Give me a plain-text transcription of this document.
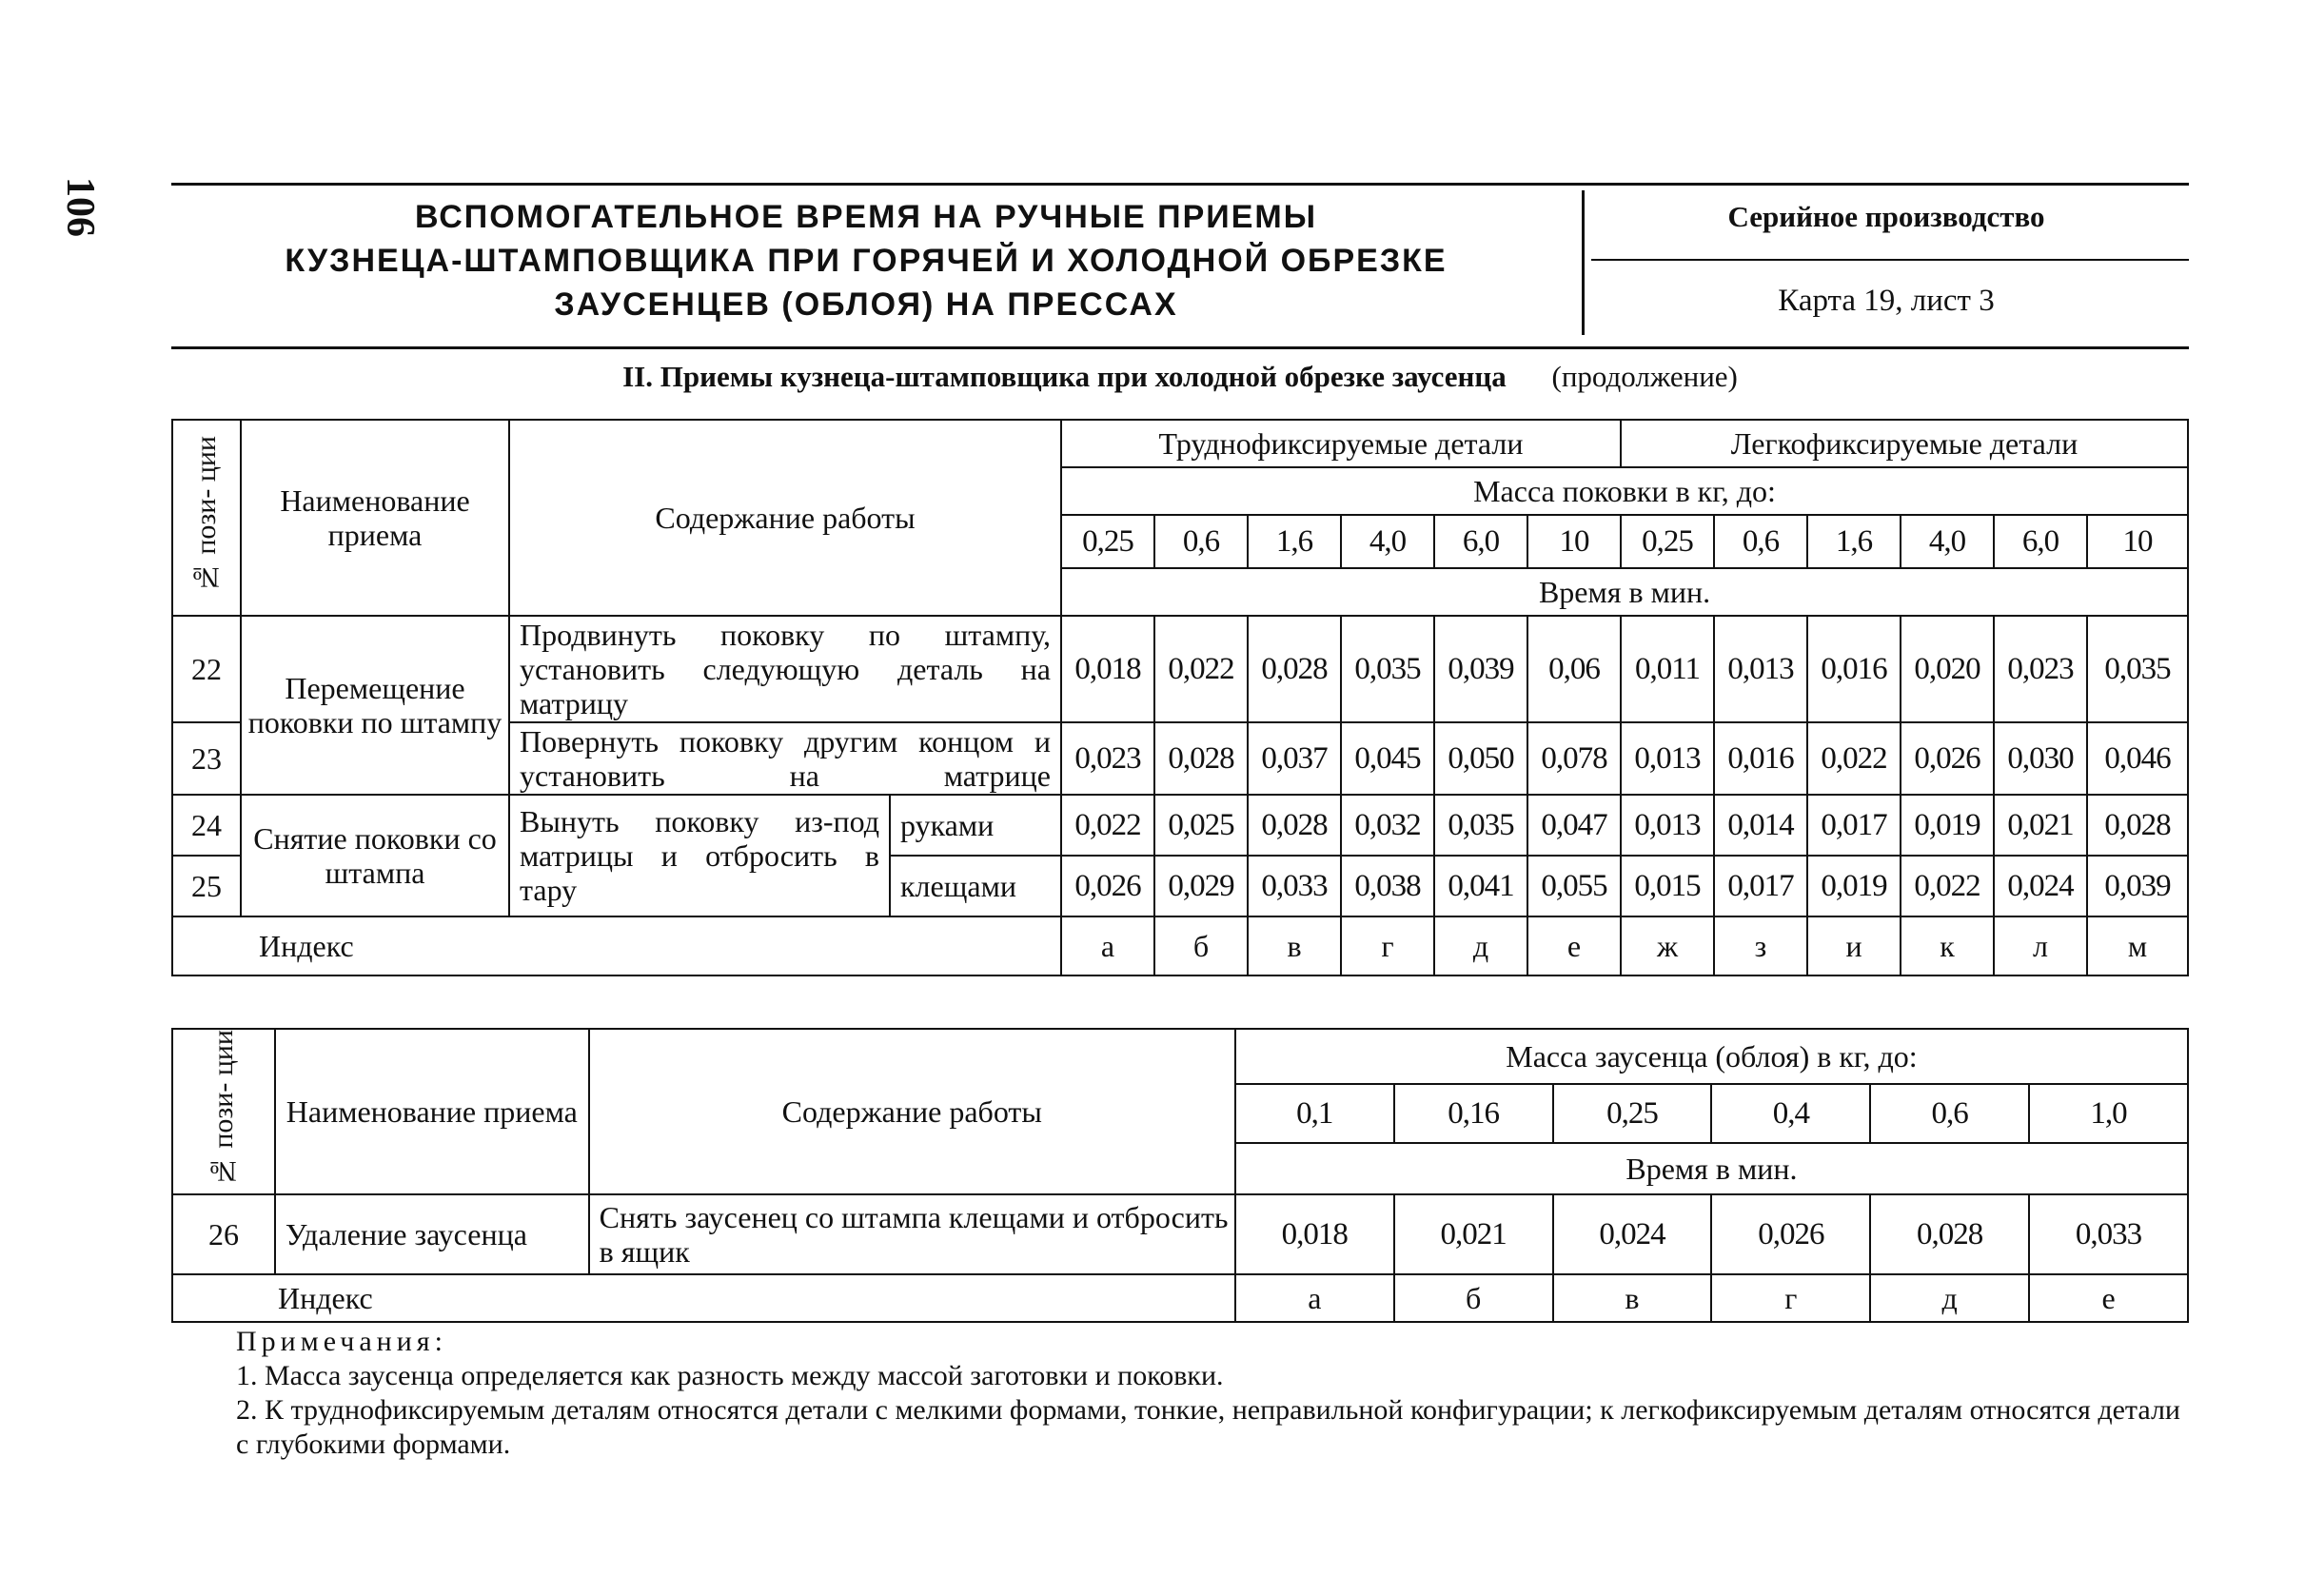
106	ВСПОМОГАТЕЛЬНОЕ ВРЕМЯ НА РУЧНЫЕ ПРИЕМЫ
КУЗНЕЦА-ШТАМПОВЩИКА ПРИ ГОРЯЧЕЙ И ХОЛОДНОЙ ОБРЕЗКЕ
ЗАУСЕНЦЕВ (ОБЛОЯ) НА ПРЕССАХ
Серийное производство
Карта 19, лист 3
II. Приемы кузнеца-штамповщика при холодной обрезке заусенца (продолжение)
№ пози- ции	Наименование приема	Содержание работы		Труднофиксируемые детали						Легкофиксируемые детали					
				Масса поковки в кг, до:											
				0,25	0,6	1,6	4,0	6,0	10	0,25	0,6	1,6	4,0	6,0	10
				Время в мин.											
22	Перемещение поковки по штампу	Продвинуть поковку по штампу, установить следующую деталь на матрицу		0,018	0,022	0,028	0,035	0,039	0,06	0,011	0,013	0,016	0,020	0,023	0,035
23		Повернуть поковку другим концом и установить на матрице		0,023	0,028	0,037	0,045	0,050	0,078	0,013	0,016	0,022	0,026	0,030	0,046
24	Снятие поковки со штампа	Вынуть поковку из-под матрицы и отбросить в тару	руками	0,022	0,025	0,028	0,032	0,035	0,047	0,013	0,014	0,017	0,019	0,021	0,028
25			клещами	0,026	0,029	0,033	0,038	0,041	0,055	0,015	0,017	0,019	0,022	0,024	0,039
Индекс				а	б	в	г	д	е	ж	з	и	к	л	м
№ пози- ции	Наименование приема	Содержание работы	Масса заусенца (облоя) в кг, до:					
			0,1	0,16	0,25	0,4	0,6	1,0
			Время в мин.					
26	Удаление заусенца	Снять заусенец со штампа клещами и отбросить в ящик	0,018	0,021	0,024	0,026	0,028	0,033
Индекс			а	б	в	г	д	е

Примечания:

1. Масса заусенца определяется как разность между массой заготовки и поковки.

2. К труднофиксируемым деталям относятся детали с мелкими формами, тонкие, неправильной конфигурации; к легкофиксируемым деталям относятся детали с глубокими формами.
